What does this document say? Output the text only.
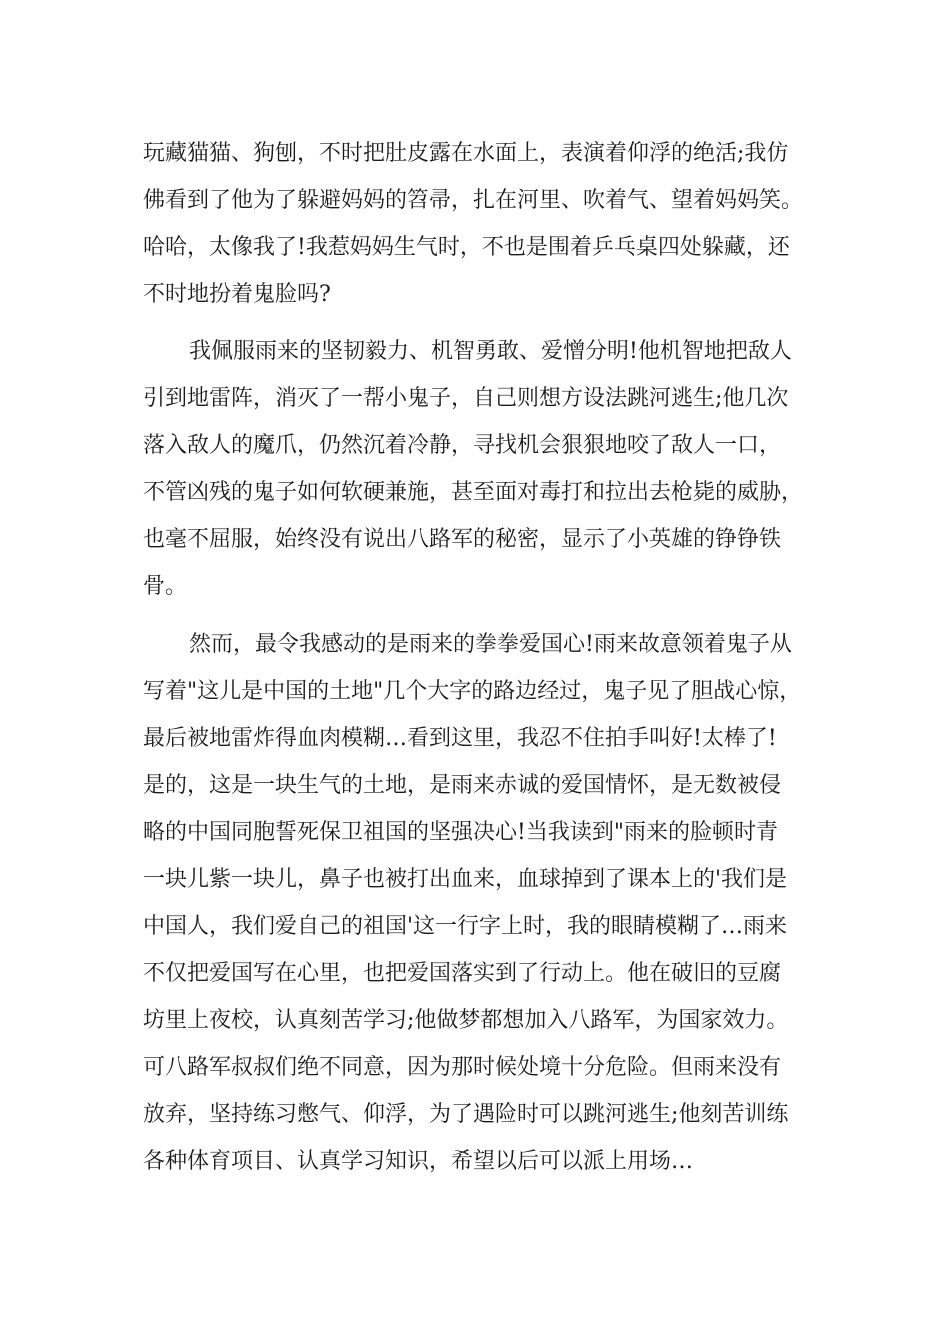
玩藏猫猫、狗刨，不时把肚皮露在水面上，表演着仰浮的绝活;我仿

佛看到了他为了躲避妈妈的笤帚，扎在河里、吹着气、望着妈妈笑。

哈哈，太像我了!我惹妈妈生气时，不也是围着乒乓桌四处躲藏，还

不时地扮着鬼脸吗?

我佩服雨来的坚韧毅力、机智勇敢、爱憎分明!他机智地把敌人

引到地雷阵，消灭了一帮小鬼子，自己则想方设法跳河逃生;他几次

落入敌人的魔爪，仍然沉着冷静，寻找机会狠狠地咬了敌人一口，

不管凶残的鬼子如何软硬兼施，甚至面对毒打和拉出去枪毙的威胁，

也毫不屈服，始终没有说出八路军的秘密，显示了小英雄的铮铮铁

骨。

然而，最令我感动的是雨来的拳拳爱国心!雨来故意领着鬼子从

写着"这儿是中国的土地"几个大字的路边经过，鬼子见了胆战心惊，

最后被地雷炸得血肉模糊…看到这里，我忍不住拍手叫好!太棒了!

是的，这是一块生气的土地，是雨来赤诚的爱国情怀，是无数被侵

略的中国同胞誓死保卫祖国的坚强决心!当我读到"雨来的脸顿时青

一块儿紫一块儿，鼻子也被打出血来，血球掉到了课本上的'我们是

中国人，我们爱自己的祖国'这一行字上时，我的眼睛模糊了…雨来

不仅把爱国写在心里，也把爱国落实到了行动上。他在破旧的豆腐

坊里上夜校，认真刻苦学习;他做梦都想加入八路军，为国家效力。

可八路军叔叔们绝不同意，因为那时候处境十分危险。但雨来没有

放弃，坚持练习憋气、仰浮，为了遇险时可以跳河逃生;他刻苦训练

各种体育项目、认真学习知识，希望以后可以派上用场…
